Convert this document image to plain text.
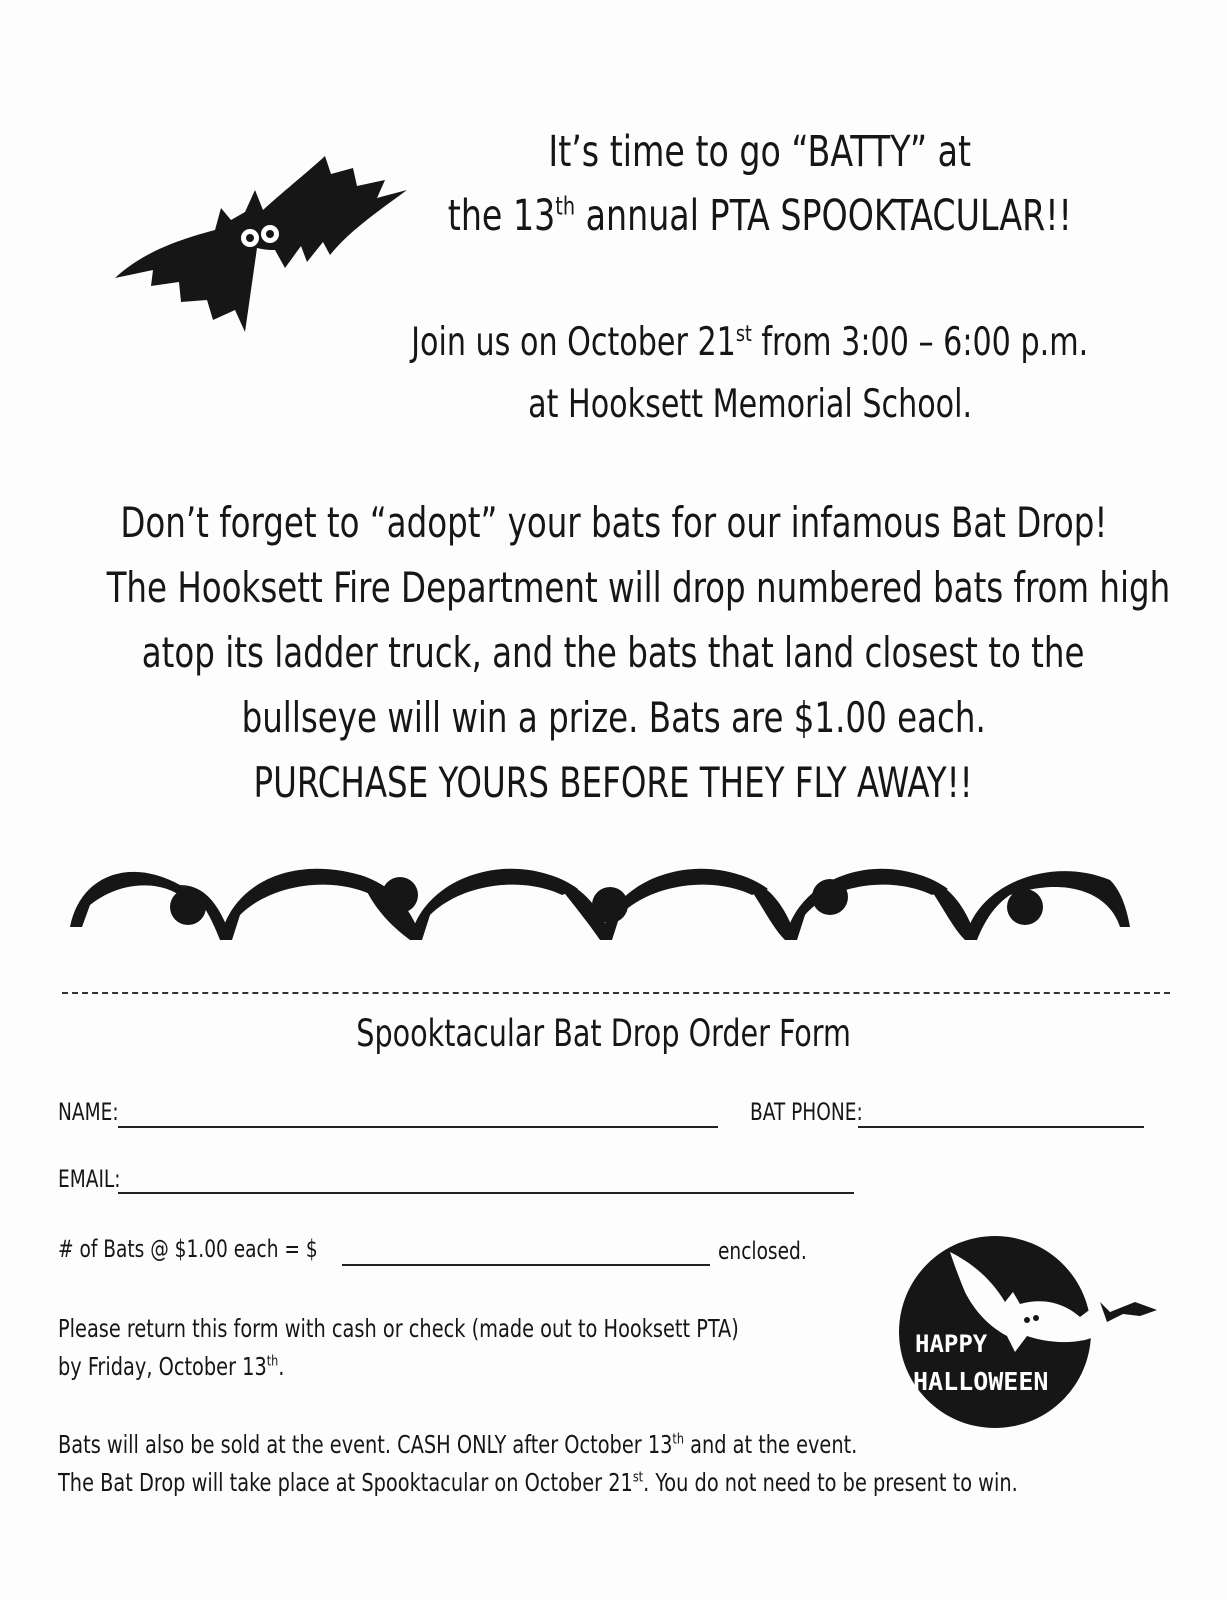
It’s time to go “BATTY” at
the 13th annual PTA SPOOKTACULAR!!
Join us on October 21st from 3:00 – 6:00 p.m.
at Hooksett Memorial School.
Don’t forget to “adopt” your bats for our infamous Bat Drop!
The Hooksett Fire Department will drop numbered bats from high
atop its ladder truck, and the bats that land closest to the
bullseye will win a prize. Bats are $1.00 each.
PURCHASE YOURS BEFORE THEY FLY AWAY!!
Spooktacular Bat Drop Order Form
NAME:	BAT PHONE:
EMAIL:
# of Bats @ $1.00 each = $	enclosed.
Please return this form with cash or check (made out to Hooksett PTA)
by Friday, October 13th.
Bats will also be sold at the event. CASH ONLY after October 13th and at the event.
The Bat Drop will take place at Spooktacular on October 21st. You do not need to be present to win.
HAPPY
HALLOWEEN
